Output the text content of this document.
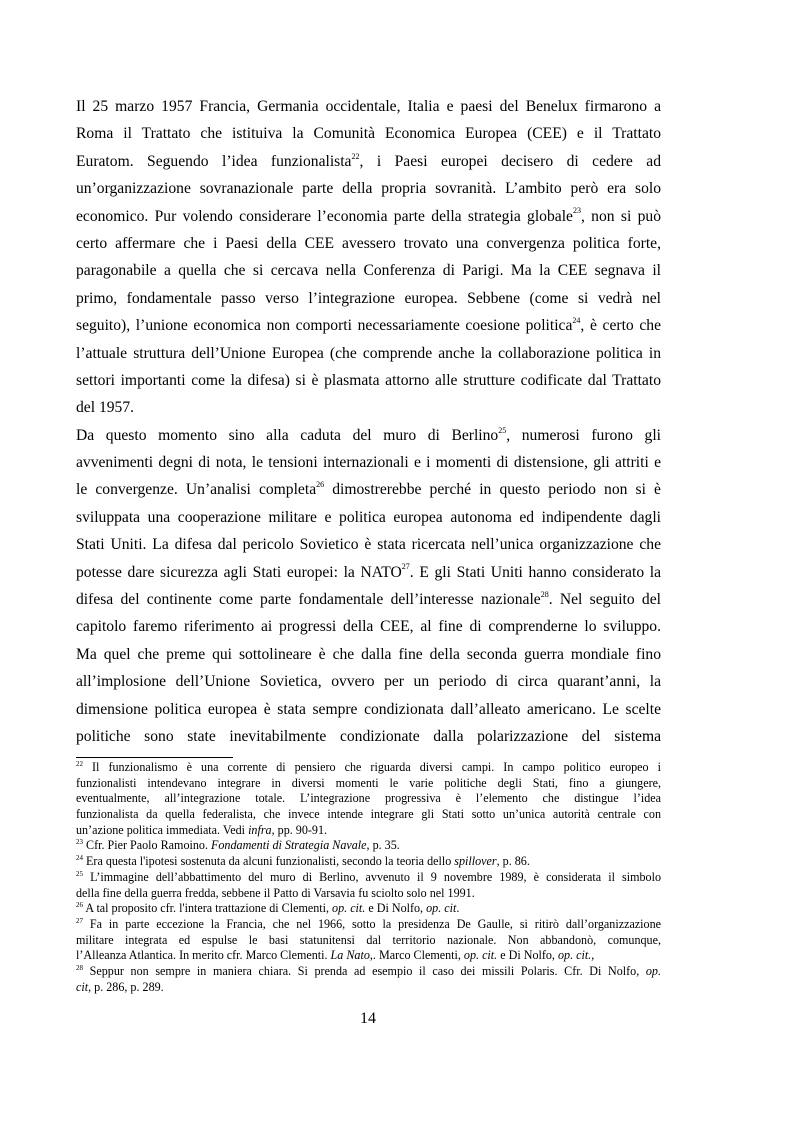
Il 25 marzo 1957 Francia, Germania occidentale, Italia e paesi del Benelux firmarono a
Roma il Trattato che istituiva la Comunità Economica Europea (CEE) e il Trattato
Euratom. Seguendo l’idea funzionalista$^{22}$, i Paesi europei decisero di cedere ad
un’organizzazione sovranazionale parte della propria sovranità. L’ambito però era solo
economico. Pur volendo considerare l’economia parte della strategia globale$^{23}$, non si può
certo affermare che i Paesi della CEE avessero trovato una convergenza politica forte,
paragonabile a quella che si cercava nella Conferenza di Parigi. Ma la CEE segnava il
primo, fondamentale passo verso l’integrazione europea. Sebbene (come si vedrà nel
seguito), l’unione economica non comporti necessariamente coesione politica$^{24}$, è certo che
l’attuale struttura dell’Unione Europea (che comprende anche la collaborazione politica in
settori importanti come la difesa) si è plasmata attorno alle strutture codificate dal Trattato
del 1957.
Da questo momento sino alla caduta del muro di Berlino$^{25}$, numerosi furono gli
avvenimenti degni di nota, le tensioni internazionali e i momenti di distensione, gli attriti e
le convergenze. Un’analisi completa$^{26}$ dimostrerebbe perché in questo periodo non si è
sviluppata una cooperazione militare e politica europea autonoma ed indipendente dagli
Stati Uniti. La difesa dal pericolo Sovietico è stata ricercata nell’unica organizzazione che
potesse dare sicurezza agli Stati europei: la NATO$^{27}$. E gli Stati Uniti hanno considerato la
difesa del continente come parte fondamentale dell’interesse nazionale$^{28}$. Nel seguito del
capitolo faremo riferimento ai progressi della CEE, al fine di comprenderne lo sviluppo.
Ma quel che preme qui sottolineare è che dalla fine della seconda guerra mondiale fino
all’implosione dell’Unione Sovietica, ovvero per un periodo di circa quarant’anni, la
dimensione politica europea è stata sempre condizionata dall’alleato americano. Le scelte
politiche sono state inevitabilmente condizionate dalla polarizzazione del sistema
$^{22}$ Il funzionalismo è una corrente di pensiero che riguarda diversi campi. In campo politico europeo i
funzionalisti intendevano integrare in diversi momenti le varie politiche degli Stati, fino a giungere,
eventualmente, all’integrazione totale. L’integrazione progressiva è l’elemento che distingue l’idea
funzionalista da quella federalista, che invece intende integrare gli Stati sotto un’unica autorità centrale con
un’azione politica immediata. Vedi infra, pp. 90-91.
$^{23}$ Cfr. Pier Paolo Ramoino. Fondamenti di Strategia Navale, p. 35.
$^{24}$ Era questa l'ipotesi sostenuta da alcuni funzionalisti, secondo la teoria dello spillover, p. 86.
$^{25}$ L’immagine dell’abbattimento del muro di Berlino, avvenuto il 9 novembre 1989, è considerata il simbolo
della fine della guerra fredda, sebbene il Patto di Varsavia fu sciolto solo nel 1991.
$^{26}$ A tal proposito cfr. l'intera trattazione di Clementi, op. cit. e Di Nolfo, op. cit.
$^{27}$ Fa in parte eccezione la Francia, che nel 1966, sotto la presidenza De Gaulle, si ritirò dall’organizzazione
militare integrata ed espulse le basi statunitensi dal territorio nazionale. Non abbandonò, comunque,
l’Alleanza Atlantica. In merito cfr. Marco Clementi. La Nato,. Marco Clementi, op. cit. e Di Nolfo, op. cit.,
$^{28}$ Seppur non sempre in maniera chiara. Si prenda ad esempio il caso dei missili Polaris. Cfr. Di Nolfo, op.
cit, p. 286, p. 289.
14
